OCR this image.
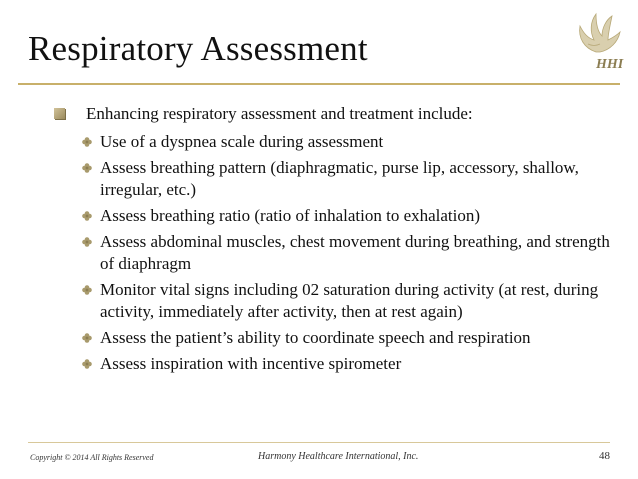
Respiratory Assessment	HHI
Enhancing respiratory assessment and treatment include:
Use of a dyspnea scale during assessment
Assess breathing pattern (diaphragmatic, purse lip, accessory, shallow, irregular, etc.)
Assess breathing ratio (ratio of inhalation to exhalation)
Assess abdominal muscles, chest movement during breathing, and strength of diaphragm
Monitor vital signs including 02 saturation during activity (at rest, during activity, immediately after activity, then at rest again)
Assess the patient’s ability to coordinate speech and respiration
Assess inspiration with incentive spirometer
Copyright © 2014 All Rights Reserved	Harmony Healthcare International, Inc.	48
